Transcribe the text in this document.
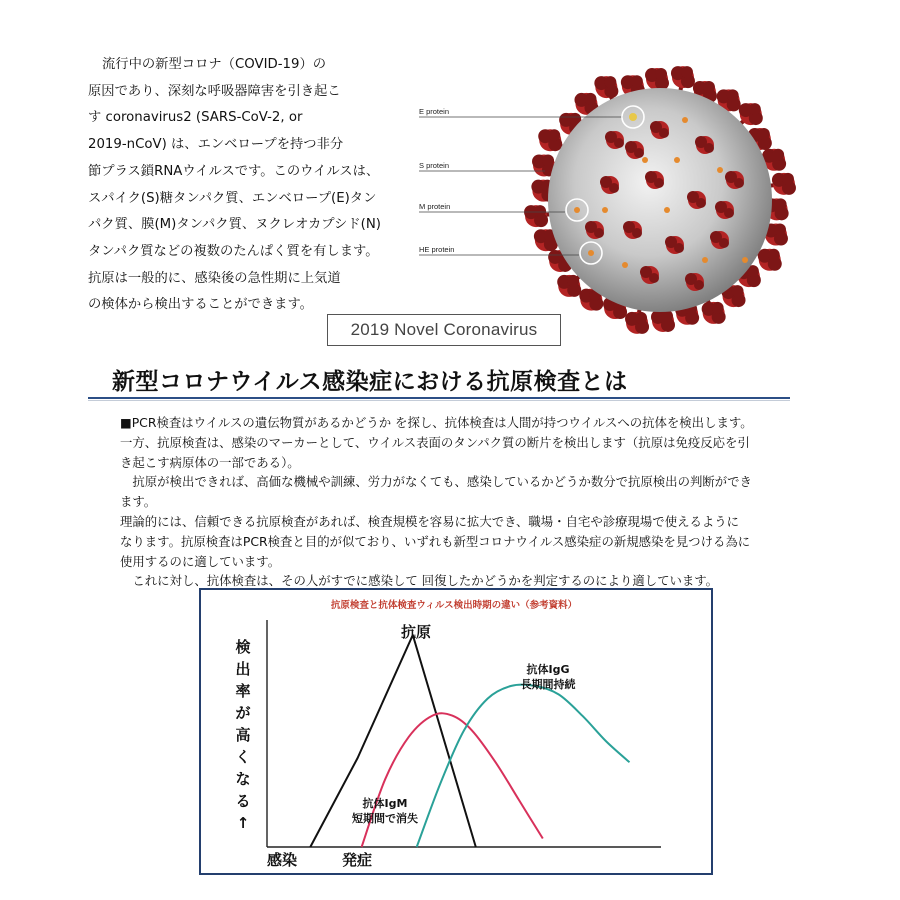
流行中の新型コロナ（COVID-19）の
原因であり、深刻な呼吸器障害を引き起こ
す coronavirus2 (SARS-CoV-2, or
2019-nCoV) は、エンベロープを持つ非分
節プラス鎖RNAウイルスです。このウイルスは、
スパイク(S)糖タンパク質、エンベロープ(E)タン
パク質、膜(M)タンパク質、ヌクレオカプシド(N)
タンパク質などの複数のたんぱく質を有します。
抗原は一般的に、感染後の急性期に上気道
の検体から検出することができます。
E protein
S protein
M protein
HE protein
2019 Novel Coronavirus
新型コロナウイルス感染症における抗原検査とは
■PCR検査はウイルスの遺伝物質があるかどうか を探し、抗体検査は人間が持つウイルスへの抗体を検出します。
一方、抗原検査は、感染のマーカーとして、ウイルス表面のタンパク質の断片を検出します（抗原は免疫反応を引
き起こす病原体の一部である）。
　抗原が検出できれば、高価な機械や訓練、労力がなくても、感染しているかどうか数分で抗原検出の判断ができ
ます。
理論的には、信頼できる抗原検査があれば、検査規模を容易に拡大でき、職場・自宅や診療現場で使えるように
なります。抗原検査はPCR検査と目的が似ており、いずれも新型コロナウイルス感染症の新規感染を見つける為に
使用するのに適しています。
　これに対し、抗体検査は、その人がすでに感染して 回復したかどうかを判定するのにより適しています。
抗原検査と抗体検査ウィルス検出時期の違い（参考資料）
検
出
率
が
高
く
な
る
↑
感染	発症
抗原
抗体IgG
長期間持続
抗体IgM
短期間で消失
